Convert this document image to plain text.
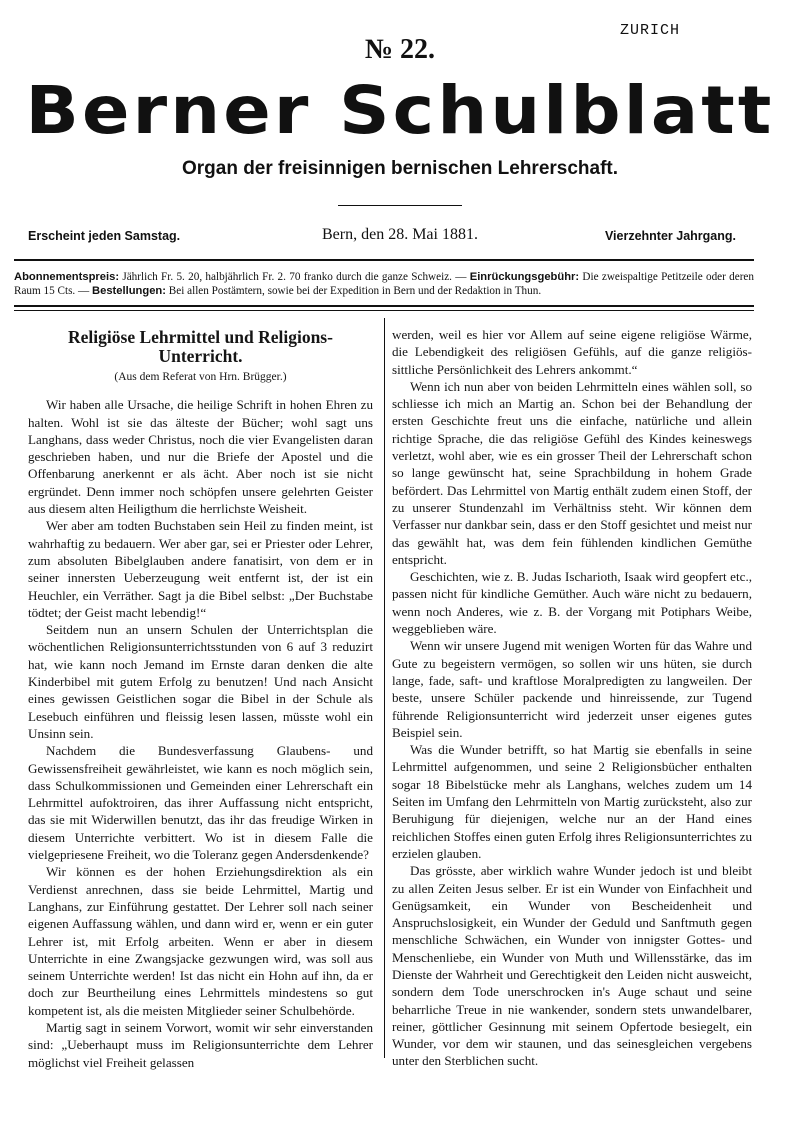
ZURICH
№ 22.
Berner Schulblatt
Organ der freisinnigen bernischen Lehrerschaft.
Erscheint jeden Samstag.	Bern, den 28. Mai 1881.	Vierzehnter Jahrgang.
Abonnementspreis: Jährlich Fr. 5. 20, halbjährlich Fr. 2. 70 franko durch die ganze Schweiz. — Einrückungsgebühr: Die zweispaltige Petitzeile oder deren Raum 15 Cts. — Bestellungen: Bei allen Postämtern, sowie bei der Expedition in Bern und der Redaktion in Thun.
Religiöse Lehrmittel und Religions-Unterricht.
(Aus dem Referat von Hrn. Brügger.)

Wir haben alle Ursache, die heilige Schrift in hohen Ehren zu halten. Wohl ist sie das älteste der Bücher; wohl sagt uns Langhans, dass weder Christus, noch die vier Evangelisten daran geschrieben haben, und nur die Briefe der Apostel und die Offenbarung anerkennt er als ächt. Aber noch ist sie nicht ergründet. Denn immer noch schöpfen unsere gelehrten Geister aus diesem alten Heiligthum die herrlichste Weisheit.

Wer aber am todten Buchstaben sein Heil zu finden meint, ist wahrhaftig zu bedauern. Wer aber gar, sei er Priester oder Lehrer, zum absoluten Bibelglauben andere fanatisirt, von dem er in seiner innersten Ueberzeugung weit entfernt ist, der ist ein Heuchler, ein Verräther. Sagt ja die Bibel selbst: „Der Buchstabe tödtet; der Geist macht lebendig!“

Seitdem nun an unsern Schulen der Unterrichtsplan die wöchentlichen Religionsunterrichtsstunden von 6 auf 3 reduzirt hat, wie kann noch Jemand im Ernste daran denken die alte Kinderbibel mit gutem Erfolg zu benutzen! Und nach Ansicht eines gewissen Geistlichen sogar die Bibel in der Schule als Lesebuch einführen und fleissig lesen lassen, müsste wohl ein Unsinn sein.

Nachdem die Bundesverfassung Glaubens- und Gewissensfreiheit gewährleistet, wie kann es noch möglich sein, dass Schulkommissionen und Gemeinden einer Lehrerschaft ein Lehrmittel aufoktroiren, das ihrer Auffassung nicht entspricht, das sie mit Widerwillen benutzt, das ihr das freudige Wirken in diesem Unterrichte verbittert. Wo ist in diesem Falle die vielgepriesene Freiheit, wo die Toleranz gegen Andersdenkende?

Wir können es der hohen Erziehungsdirektion als ein Verdienst anrechnen, dass sie beide Lehrmittel, Martig und Langhans, zur Einführung gestattet. Der Lehrer soll nach seiner eigenen Auffassung wählen, und dann wird er, wenn er ein guter Lehrer ist, mit Erfolg arbeiten. Wenn er aber in diesem Unterrichte in eine Zwangsjacke gezwungen wird, was soll aus seinem Unterrichte werden! Ist das nicht ein Hohn auf ihn, da er doch zur Beurtheilung eines Lehrmittels mindestens so gut kompetent ist, als die meisten Mitglieder seiner Schulbehörde.

Martig sagt in seinem Vorwort, womit wir sehr einverstanden sind: „Ueberhaupt muss im Religionsunterrichte dem Lehrer möglichst viel Freiheit gelassen

werden, weil es hier vor Allem auf seine eigene religiöse Wärme, die Lebendigkeit des religiösen Gefühls, auf die ganze religiös-sittliche Persönlichkeit des Lehrers ankommt.“

Wenn ich nun aber von beiden Lehrmitteln eines wählen soll, so schliesse ich mich an Martig an. Schon bei der Behandlung der ersten Geschichte freut uns die einfache, natürliche und allein richtige Sprache, die das religiöse Gefühl des Kindes keineswegs verletzt, wohl aber, wie es ein grosser Theil der Lehrerschaft schon so lange gewünscht hat, seine Sprachbildung in hohem Grade befördert. Das Lehrmittel von Martig enthält zudem einen Stoff, der zu unserer Stundenzahl im Verhältniss steht. Wir können dem Verfasser nur dankbar sein, dass er den Stoff gesichtet und meist nur das gewählt hat, was dem fein fühlenden kindlichen Gemüthe entspricht.

Geschichten, wie z. B. Judas Ischarioth, Isaak wird geopfert etc., passen nicht für kindliche Gemüther. Auch wäre nicht zu bedauern, wenn noch Anderes, wie z. B. der Vorgang mit Potiphars Weibe, weggeblieben wäre.

Wenn wir unsere Jugend mit wenigen Worten für das Wahre und Gute zu begeistern vermögen, so sollen wir uns hüten, sie durch lange, fade, saft- und kraftlose Moralpredigten zu langweilen. Der beste, unsere Schüler packende und hinreissende, zur Tugend führende Religionsunterricht wird jederzeit unser eigenes gutes Beispiel sein.

Was die Wunder betrifft, so hat Martig sie ebenfalls in seine Lehrmittel aufgenommen, und seine 2 Religionsbücher enthalten sogar 18 Bibelstücke mehr als Langhans, welches zudem um 14 Seiten im Umfang den Lehrmitteln von Martig zurücksteht, also zur Beruhigung für diejenigen, welche nur an der Hand eines reichlichen Stoffes einen guten Erfolg ihres Religionsunterrichtes zu erzielen glauben.

Das grösste, aber wirklich wahre Wunder jedoch ist und bleibt zu allen Zeiten Jesus selber. Er ist ein Wunder von Einfachheit und Genügsamkeit, ein Wunder von Bescheidenheit und Anspruchslosigkeit, ein Wunder der Geduld und Sanftmuth gegen menschliche Schwächen, ein Wunder von innigster Gottes- und Menschenliebe, ein Wunder von Muth und Willensstärke, das im Dienste der Wahrheit und Gerechtigkeit den Leiden nicht ausweicht, sondern dem Tode unerschrocken in's Auge schaut und seine beharrliche Treue in nie wankender, sondern stets unwandelbarer, reiner, göttlicher Gesinnung mit seinem Opfertode besiegelt, ein Wunder, vor dem wir staunen, und das seinesgleichen vergebens unter den Sterblichen sucht.
